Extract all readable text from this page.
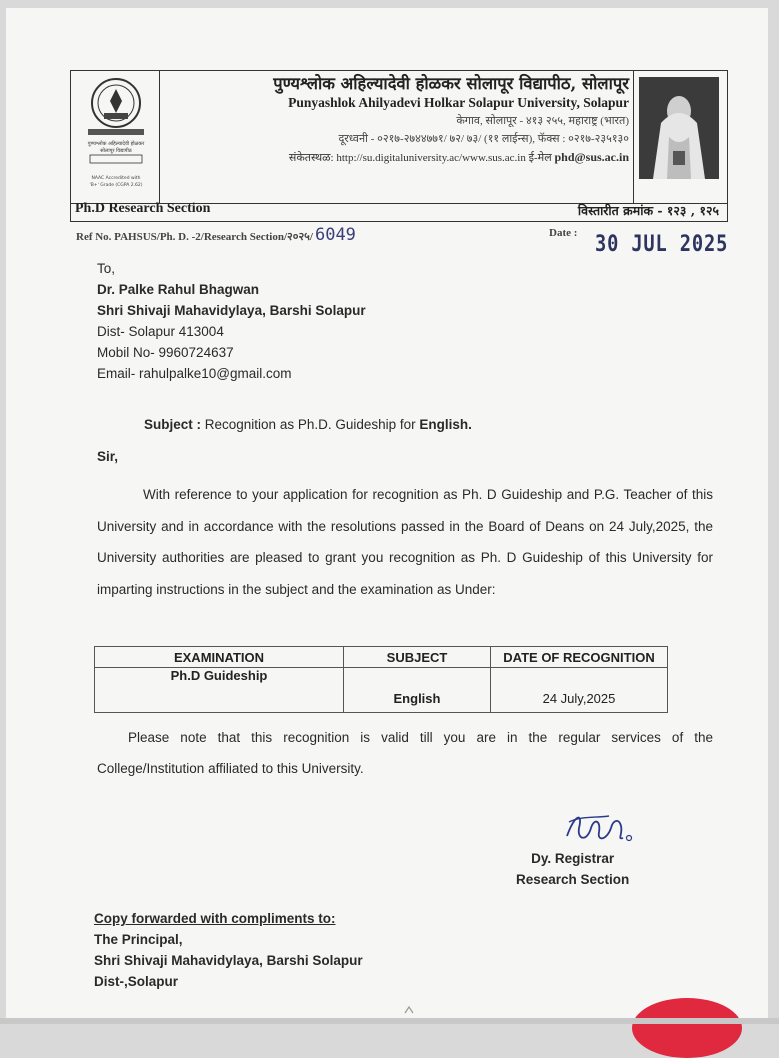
पुण्यश्लोक अहिल्यादेवी होळकर
सोलापूर विद्यापीठ
NAAC Accredited with
'B+' Grade (CGPA 2.62)
पुण्यश्लोक अहिल्यादेवी होळकर सोलापूर विद्यापीठ, सोलापूर
Punyashlok Ahilyadevi Holkar Solapur University, Solapur
केगाव, सोलापूर - ४१३ २५५, महाराष्ट्र (भारत)
दूरध्वनी - ०२१७-२७४४७७१/ ७२/ ७३/ (११ लाईन्स), फॅक्स : ०२१७-२३५१३०
संकेतस्थळ: http://su.digitaluniversity.ac/www.sus.ac.in ई-मेल phd@sus.ac.in
Ph.D Research Section	विस्तारीत क्रमांक - १२३ , १२५
Ref No. PAHSUS/Ph. D. -2/Research Section/२०२५/ 6049	Date : 30 JUL 2025
To,
Dr. Palke Rahul Bhagwan
Shri Shivaji Mahavidylaya, Barshi Solapur
Dist- Solapur 413004
Mobil No- 9960724637
Email- rahulpalke10@gmail.com
Subject : Recognition as Ph.D. Guideship for English.
Sir,
With reference to your application for recognition as Ph. D Guideship and P.G. Teacher of this University and in accordance with the resolutions passed in the Board of Deans on 24 July,2025, the University authorities are pleased to grant you recognition as Ph. D Guideship of this University for imparting instructions in the subject and the examination as Under:
EXAMINATION	SUBJECT	DATE OF RECOGNITION
Ph.D Guideship	English	24 July,2025
Please note that this recognition is valid till you are in the regular services of the College/Institution affiliated to this University.
Dy. Registrar
Research Section
Copy forwarded with compliments to:
The Principal,
Shri Shivaji Mahavidylaya, Barshi Solapur
Dist-,Solapur
